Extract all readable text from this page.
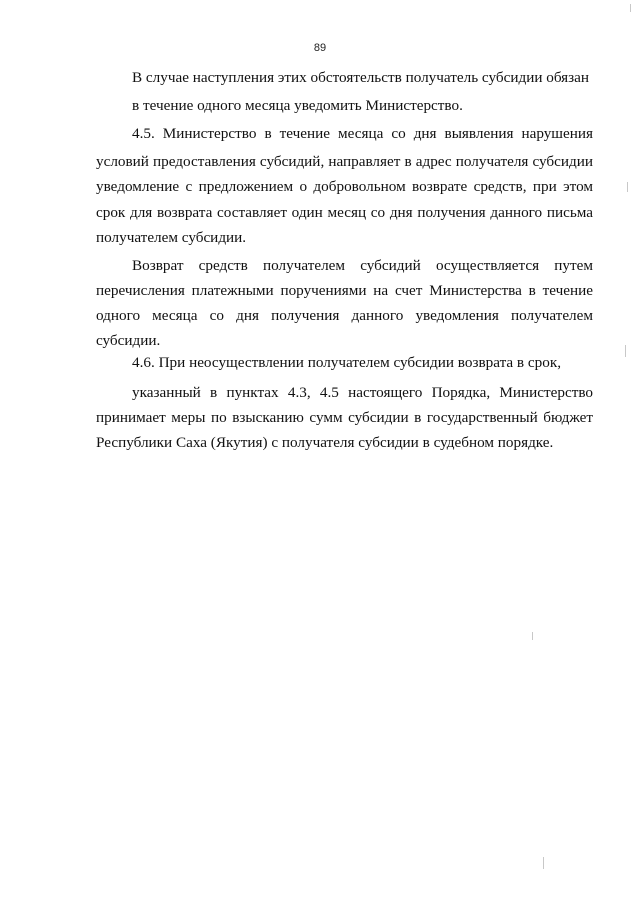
89
В случае наступления этих обстоятельств получатель субсидии обязан
в течение одного месяца уведомить Министерство.
4.5. Министерство в течение месяца со дня выявления нарушения
условий предоставления субсидий, направляет в адрес получателя субсидии
уведомление с предложением о добровольном возврате средств, при этом
срок для возврата составляет один месяц со дня получения данного письма
получателем субсидии.
Возврат средств получателем субсидий осуществляется путем
перечисления платежными поручениями на счет Министерства в течение
одного месяца со дня получения данного уведомления получателем
субсидии.
4.6. При неосуществлении получателем субсидии возврата в срок,
указанный в пунктах 4.3, 4.5 настоящего Порядка, Министерство
принимает меры по взысканию сумм субсидии в государственный бюджет
Республики Саха (Якутия) с получателя субсидии в судебном порядке.
